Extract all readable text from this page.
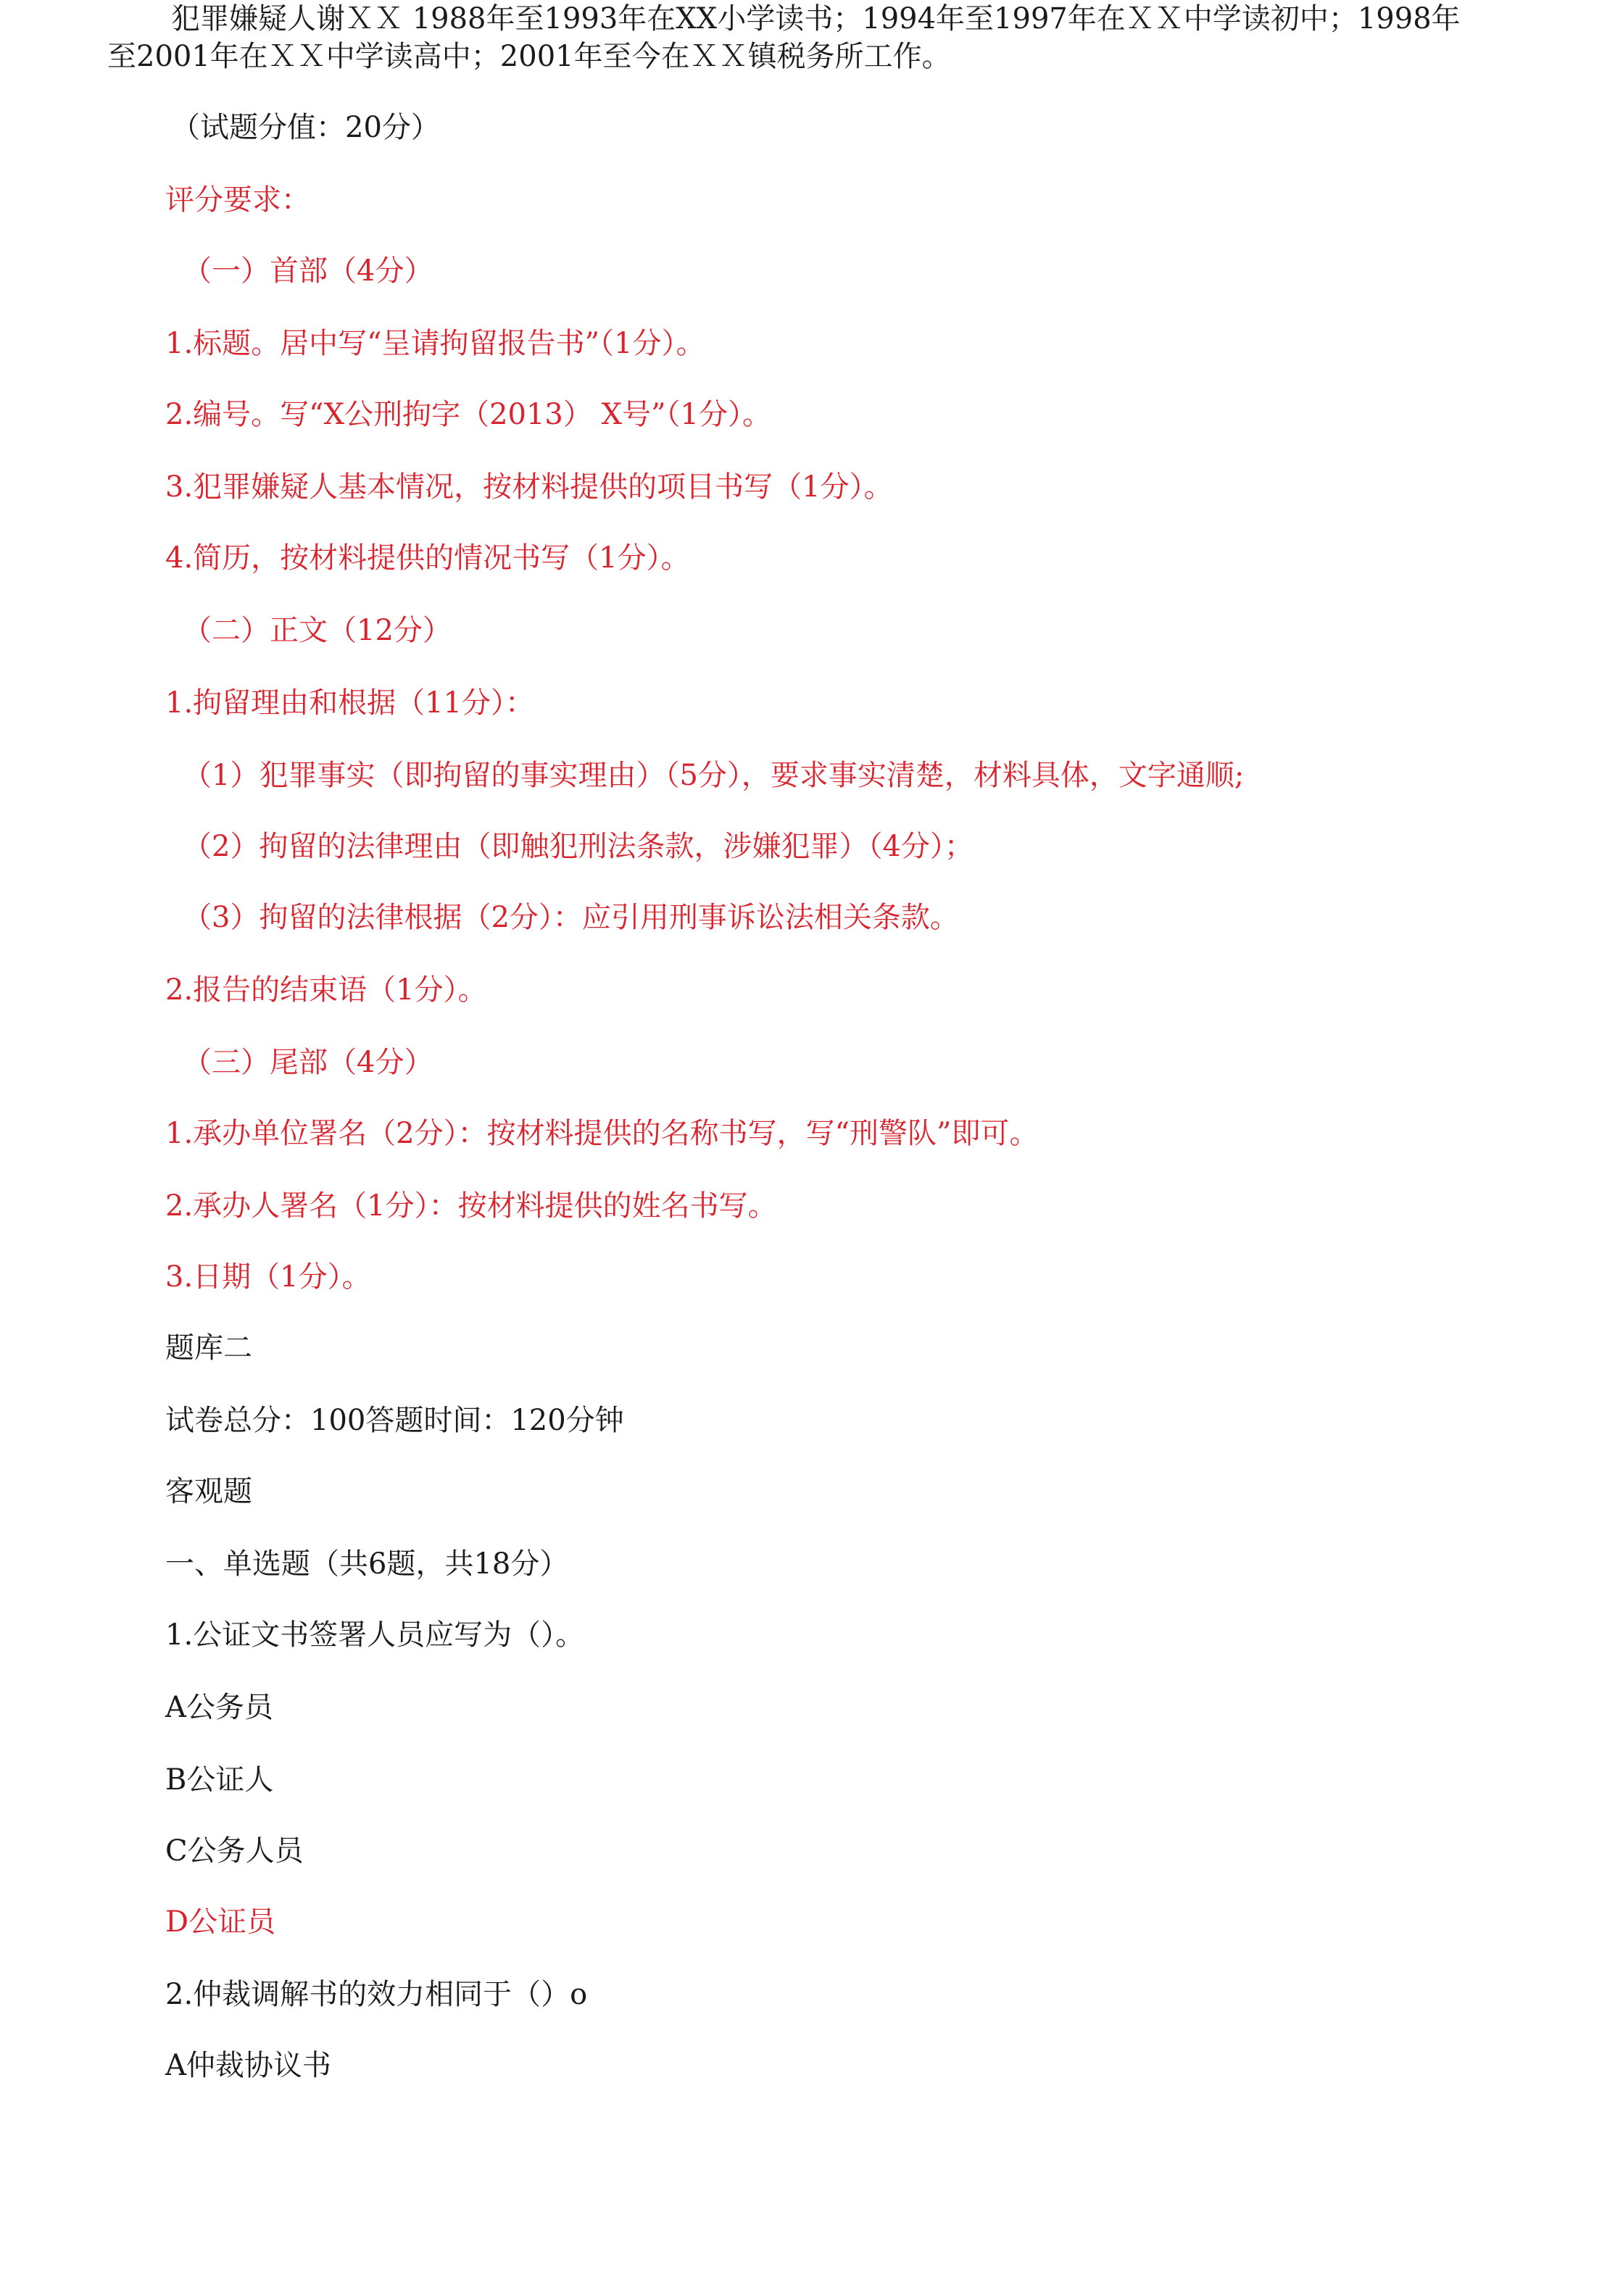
犯罪嫌疑人谢ＸＸ 1988年至1993年在XX小学读书；1994年至1997年在ＸＸ中学读初中；1998年
至2001年在ＸＸ中学读高中；2001年至今在ＸＸ镇税务所工作。
（试题分值：20分）
评分要求：
（一）首部（4分）
1.标题。居中写“呈请拘留报告书”（1分）。
2.编号。写“X公刑拘字（2013） X号”（1分）。
3.犯罪嫌疑人基本情况，按材料提供的项目书写（1分）。
4.简历，按材料提供的情况书写（1分）。
（二）正文（12分）
1.拘留理由和根据（11分）：
（1）犯罪事实（即拘留的事实理由）（5分），要求事实清楚，材料具体，文字通顺;
（2）拘留的法律理由（即触犯刑法条款，涉嫌犯罪）（4分）；
（3）拘留的法律根据（2分）：应引用刑事诉讼法相关条款。
2.报告的结束语（1分）。
（三）尾部（4分）
1.承办单位署名（2分）：按材料提供的名称书写，写“刑警队”即可。
2.承办人署名（1分）：按材料提供的姓名书写。
3.日期（1分）。
题库二
试卷总分：100答题时间：120分钟
客观题
一、单选题（共6题，共18分）
1.公证文书签署人员应写为（）。
A公务员
B公证人
C公务人员
D公证员
2.仲裁调解书的效力相同于（）o
A仲裁协议书
